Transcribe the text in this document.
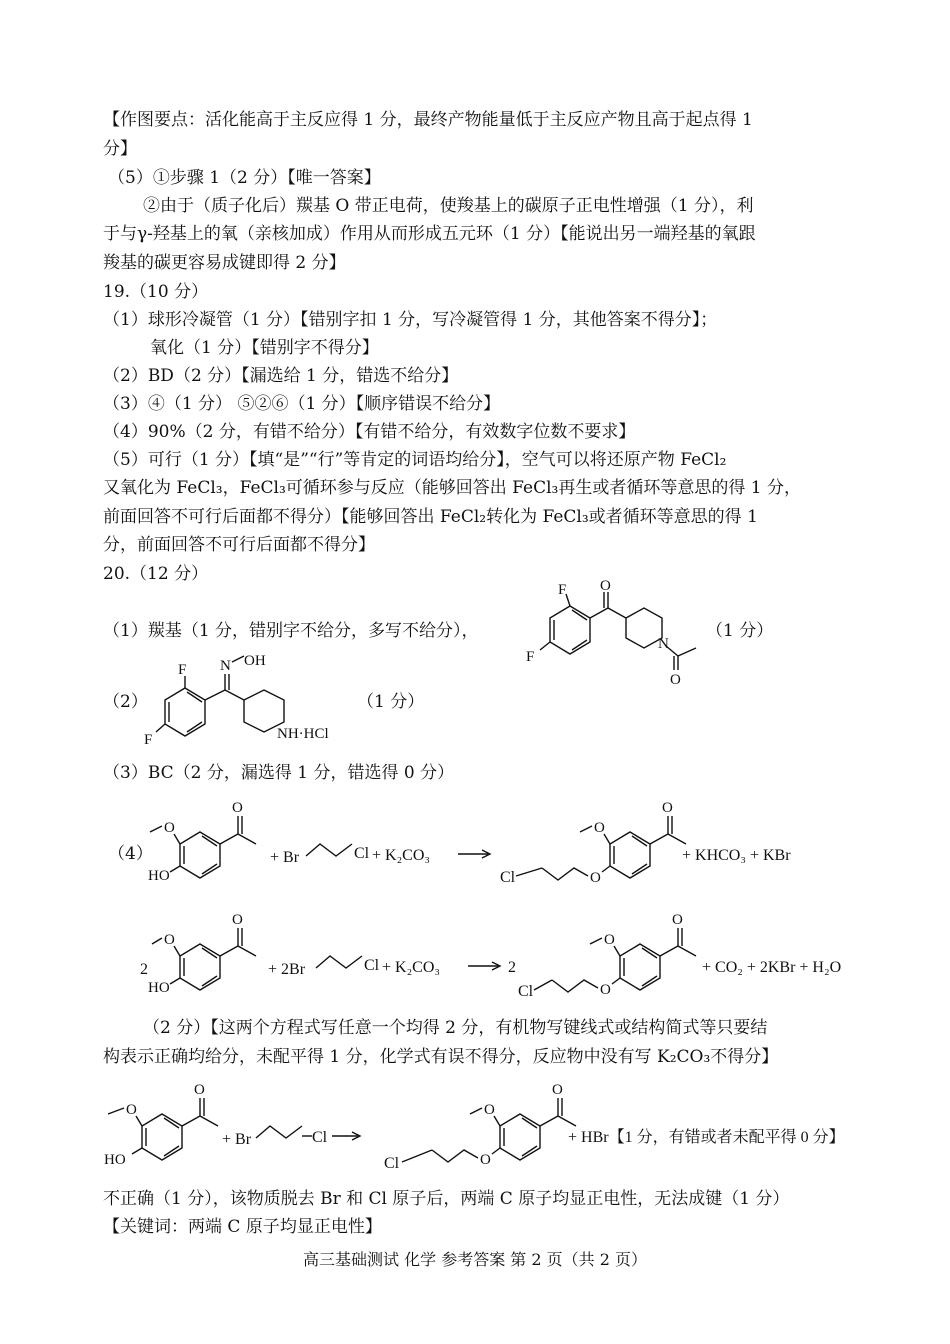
【作图要点：活化能高于主反应得 1 分，最终产物能量低于主反应产物且高于起点得 1
分】
（5）①步骤 1（2 分）【唯一答案】
②由于（质子化后）羰基 O 带正电荷，使羧基上的碳原子正电性增强（1 分），利
于与γ-羟基上的氧（亲核加成）作用从而形成五元环（1 分）【能说出另一端羟基的氧跟
羧基的碳更容易成键即得 2 分】
19.（10 分）
（1）球形冷凝管（1 分）【错别字扣 1 分，写冷凝管得 1 分，其他答案不得分】；
氧化（1 分）【错别字不得分】
（2）BD（2 分）【漏选给 1 分，错选不给分】
（3）④（1 分） ⑤②⑥（1 分）【顺序错误不给分】
（4）90%（2 分，有错不给分）【有错不给分，有效数字位数不要求】
（5）可行（1 分）【填“是”“行”等肯定的词语均给分】，空气可以将还原产物 FeCl₂
又氧化为 FeCl₃，FeCl₃可循环参与反应（能够回答出 FeCl₃再生或者循环等意思的得 1 分，
前面回答不可行后面都不得分）【能够回答出 FeCl₂转化为 FeCl₃或者循环等意思的得 1
分，前面回答不可行后面都不得分】
20.（12 分）
（1）羰基（1 分，错别字不给分，多写不给分），	（1 分）
（2）	（1 分）
（3）BC（2 分，漏选得 1 分，错选得 0 分）
（4）
（2 分）【这两个方程式写任意一个均得 2 分，有机物写键线式或结构简式等只要结
构表示正确均给分，未配平得 1 分，化学式有误不得分，反应物中没有写 K₂CO₃不得分】
不正确（1 分），该物质脱去 Br 和 Cl 原子后，两端 C 原子均显正电性，无法成键（1 分）
【关键词：两端 C 原子均显正电性】
F
F
O
N
O
F
F
N OH
NH·HCl
O
O
HO
+ Br	Cl + K₂CO₃
O
O
O
Cl
+ KHCO₃ + KBr
2
O
O
HO
+ 2Br	Cl + K₂CO₃	2
O
O
O
Cl
+ CO₂ + 2KBr + H₂O
O
O
HO
+ Br	Cl
O
O
O
Cl
+ HBr【1 分，有错或者未配平得 0 分】
高三基础测试 化学 参考答案 第 2 页（共 2 页）
